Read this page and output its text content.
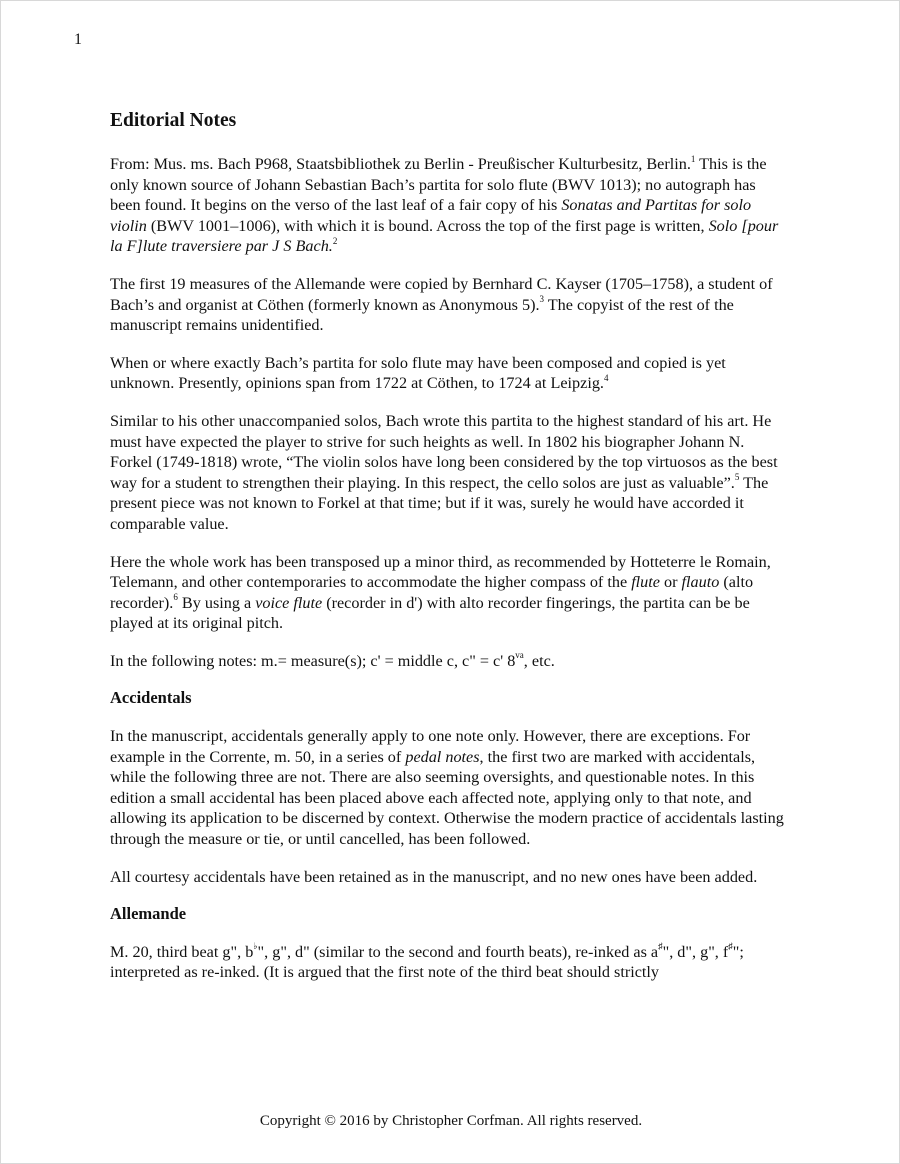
1
Editorial Notes

From: Mus. ms. Bach P968, Staatsbibliothek zu Berlin - Preußischer Kulturbesitz, Berlin.$^1$ This is the only known source of Johann Sebastian Bach’s partita for solo flute (BWV 1013); no autograph has been found. It begins on the verso of the last leaf of a fair copy of his Sonatas and Partitas for solo violin (BWV 1001–1006), with which it is bound. Across the top of the first page is written, Solo [pour la F]lute traversiere par J S Bach.$^2$

The first 19 measures of the Allemande were copied by Bernhard C. Kayser (1705–1758), a student of Bach’s and organist at Cöthen (formerly known as Anonymous 5).$^3$ The copyist of the rest of the manuscript remains unidentified.

When or where exactly Bach’s partita for solo flute may have been composed and copied is yet unknown. Presently, opinions span from 1722 at Cöthen, to 1724 at Leipzig.$^4$

Similar to his other unaccompanied solos, Bach wrote this partita to the highest standard of his art. He must have expected the player to strive for such heights as well. In 1802 his biographer Johann N. Forkel (1749-1818) wrote, “The violin solos have long been considered by the top virtuosos as the best way for a student to strengthen their playing. In this respect, the cello solos are just as valuable”.$^5$ The present piece was not known to Forkel at that time; but if it was, surely he would have accorded it comparable value.

Here the whole work has been transposed up a minor third, as recommended by Hotteterre le Romain, Telemann, and other contemporaries to accommodate the higher compass of the flute or flauto (alto recorder).$^6$ By using a voice flute (recorder in d') with alto recorder fingerings, the partita can be be played at its original pitch.

In the following notes: m.= measure(s); c' = middle c, c" = c' $8^{va}$, etc.

Accidentals

In the manuscript, accidentals generally apply to one note only. However, there are exceptions. For example in the Corrente, m. 50, in a series of pedal notes, the first two are marked with accidentals, while the following three are not. There are also seeming oversights, and questionable notes. In this edition a small accidental has been placed above each affected note, applying only to that note, and allowing its application to be discerned by context. Otherwise the modern practice of accidentals lasting through the measure or tie, or until cancelled, has been followed.

All courtesy accidentals have been retained as in the manuscript, and no new ones have been added.

Allemande

M. 20, third beat g", b♭", g", d" (similar to the second and fourth beats), re-inked as a♯", d", g", f♯"; interpreted as re-inked. (It is argued that the first note of the third beat should strictly

Copyright © 2016 by Christopher Corfman. All rights reserved.
